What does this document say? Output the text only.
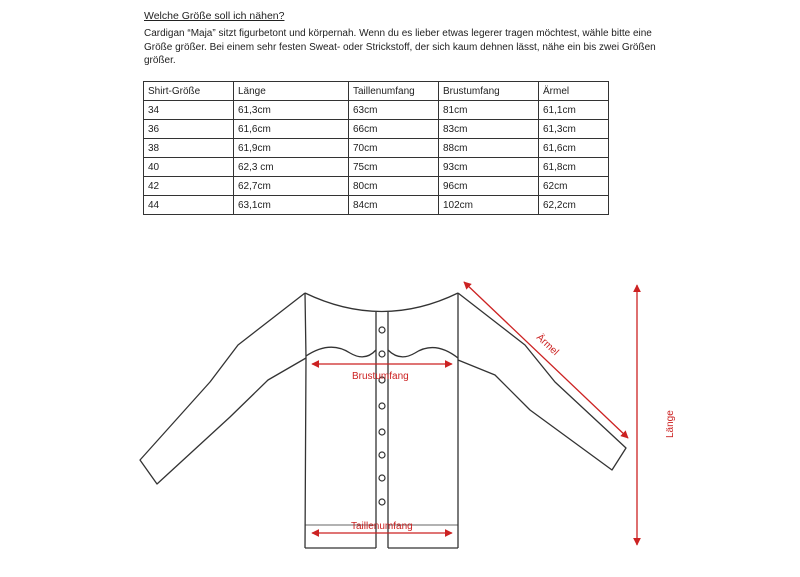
Welche Größe soll ich nähen?

Cardigan “Maja” sitzt figurbetont und körpernah. Wenn du es lieber etwas legerer tragen möchtest, wähle bitte eine Größe größer. Bei einem sehr festen Sweat- oder Strickstoff, der sich kaum dehnen lässt, nähe ein bis zwei Größen größer.

Shirt-Größe	Länge	Taillenumfang	Brustumfang	Ärmel
34	61,3cm	63cm	81cm	61,1cm
36	61,6cm	66cm	83cm	61,3cm
38	61,9cm	70cm	88cm	61,6cm
40	62,3 cm	75cm	93cm	61,8cm
42	62,7cm	80cm	96cm	62cm
44	63,1cm	84cm	102cm	62,2cm
Brustumfang
Taillenumfang
Ärmel
Länge
